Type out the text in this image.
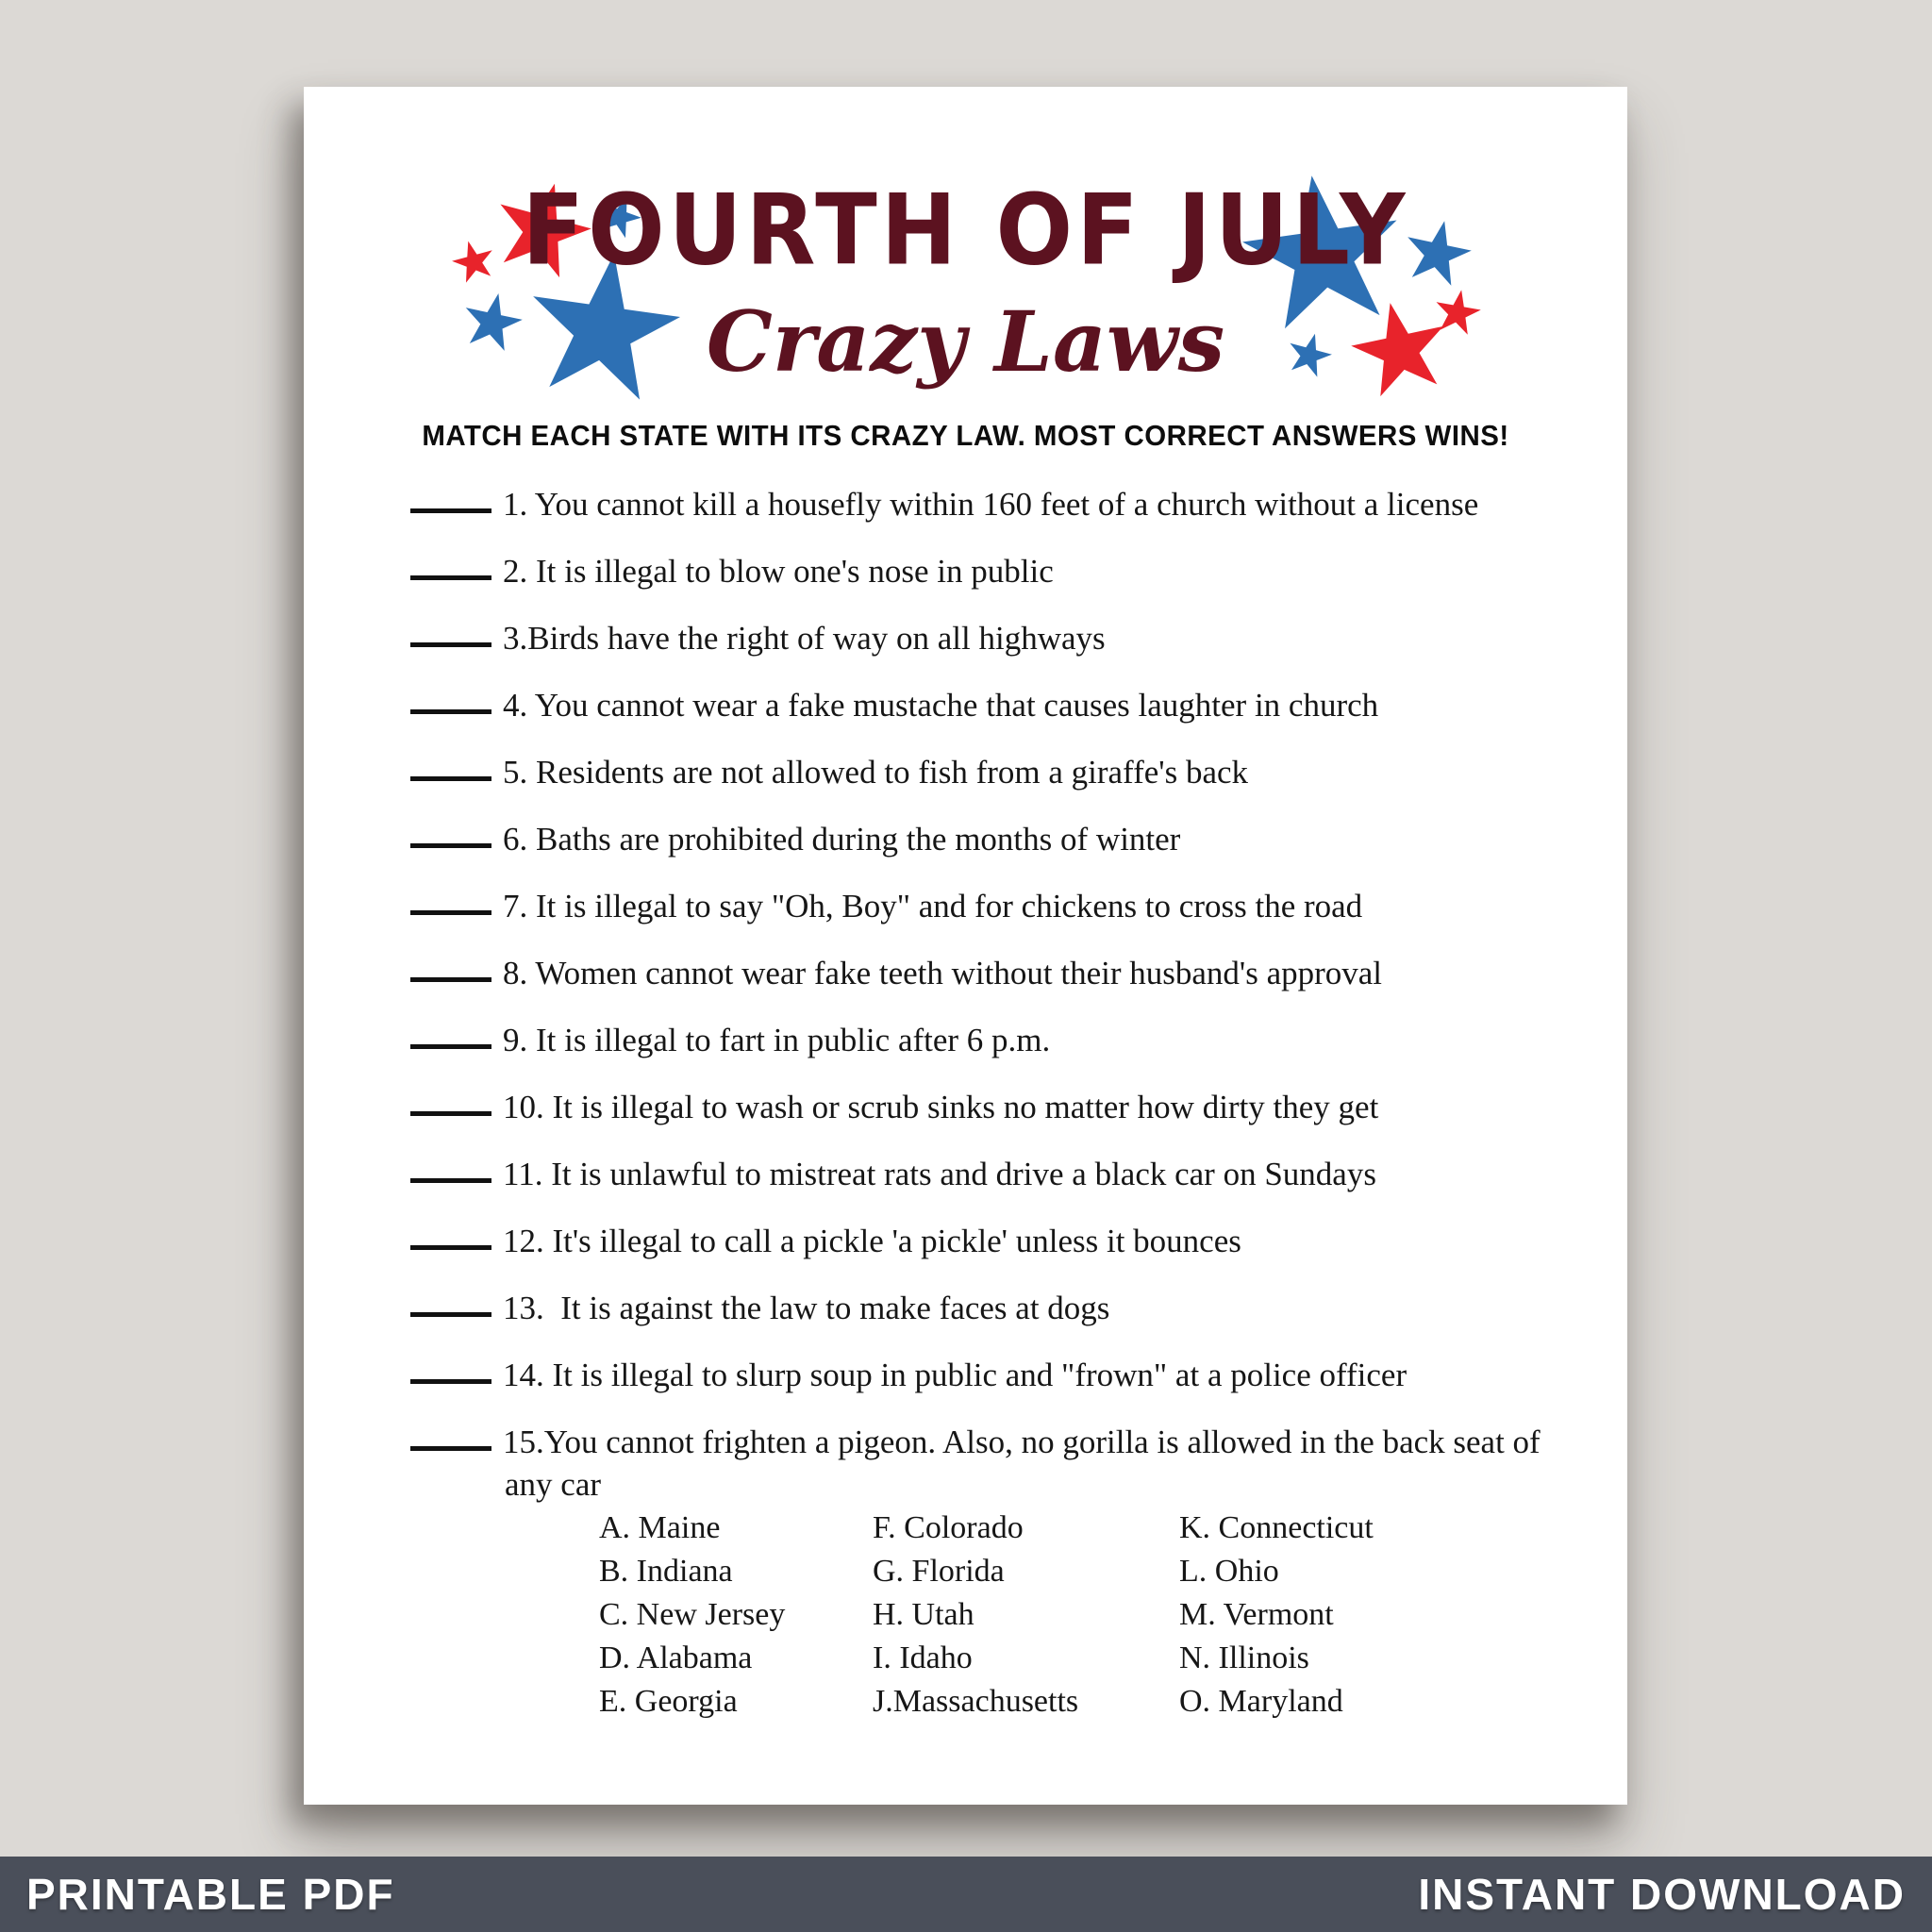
FOURTH OF JULY
Crazy Laws
MATCH EACH STATE WITH ITS CRAZY LAW. MOST CORRECT ANSWERS WINS!
1. You cannot kill a housefly within 160 feet of a church without a license
2. It is illegal to blow one's nose in public
3.Birds have the right of way on all highways
4. You cannot wear a fake mustache that causes laughter in church
5. Residents are not allowed to fish from a giraffe's back
6. Baths are prohibited during the months of winter
7. It is illegal to say "Oh, Boy" and for chickens to cross the road
8. Women cannot wear fake teeth without their husband's approval
9. It is illegal to fart in public after 6 p.m.
10. It is illegal to wash or scrub sinks no matter how dirty they get
11. It is unlawful to mistreat rats and drive a black car on Sundays
12. It's illegal to call a pickle 'a pickle' unless it bounces
13.  It is against the law to make faces at dogs
14. It is illegal to slurp soup in public and "frown" at a police officer
15.You cannot frighten a pigeon. Also, no gorilla is allowed in the back seat of any car
A. Maine
B. Indiana
C. New Jersey
D. Alabama
E. Georgia
F. Colorado
G. Florida
H. Utah
I. Idaho
J.Massachusetts
K. Connecticut
L. Ohio
M. Vermont
N. Illinois
O. Maryland
PRINTABLE PDF	INSTANT DOWNLOAD
